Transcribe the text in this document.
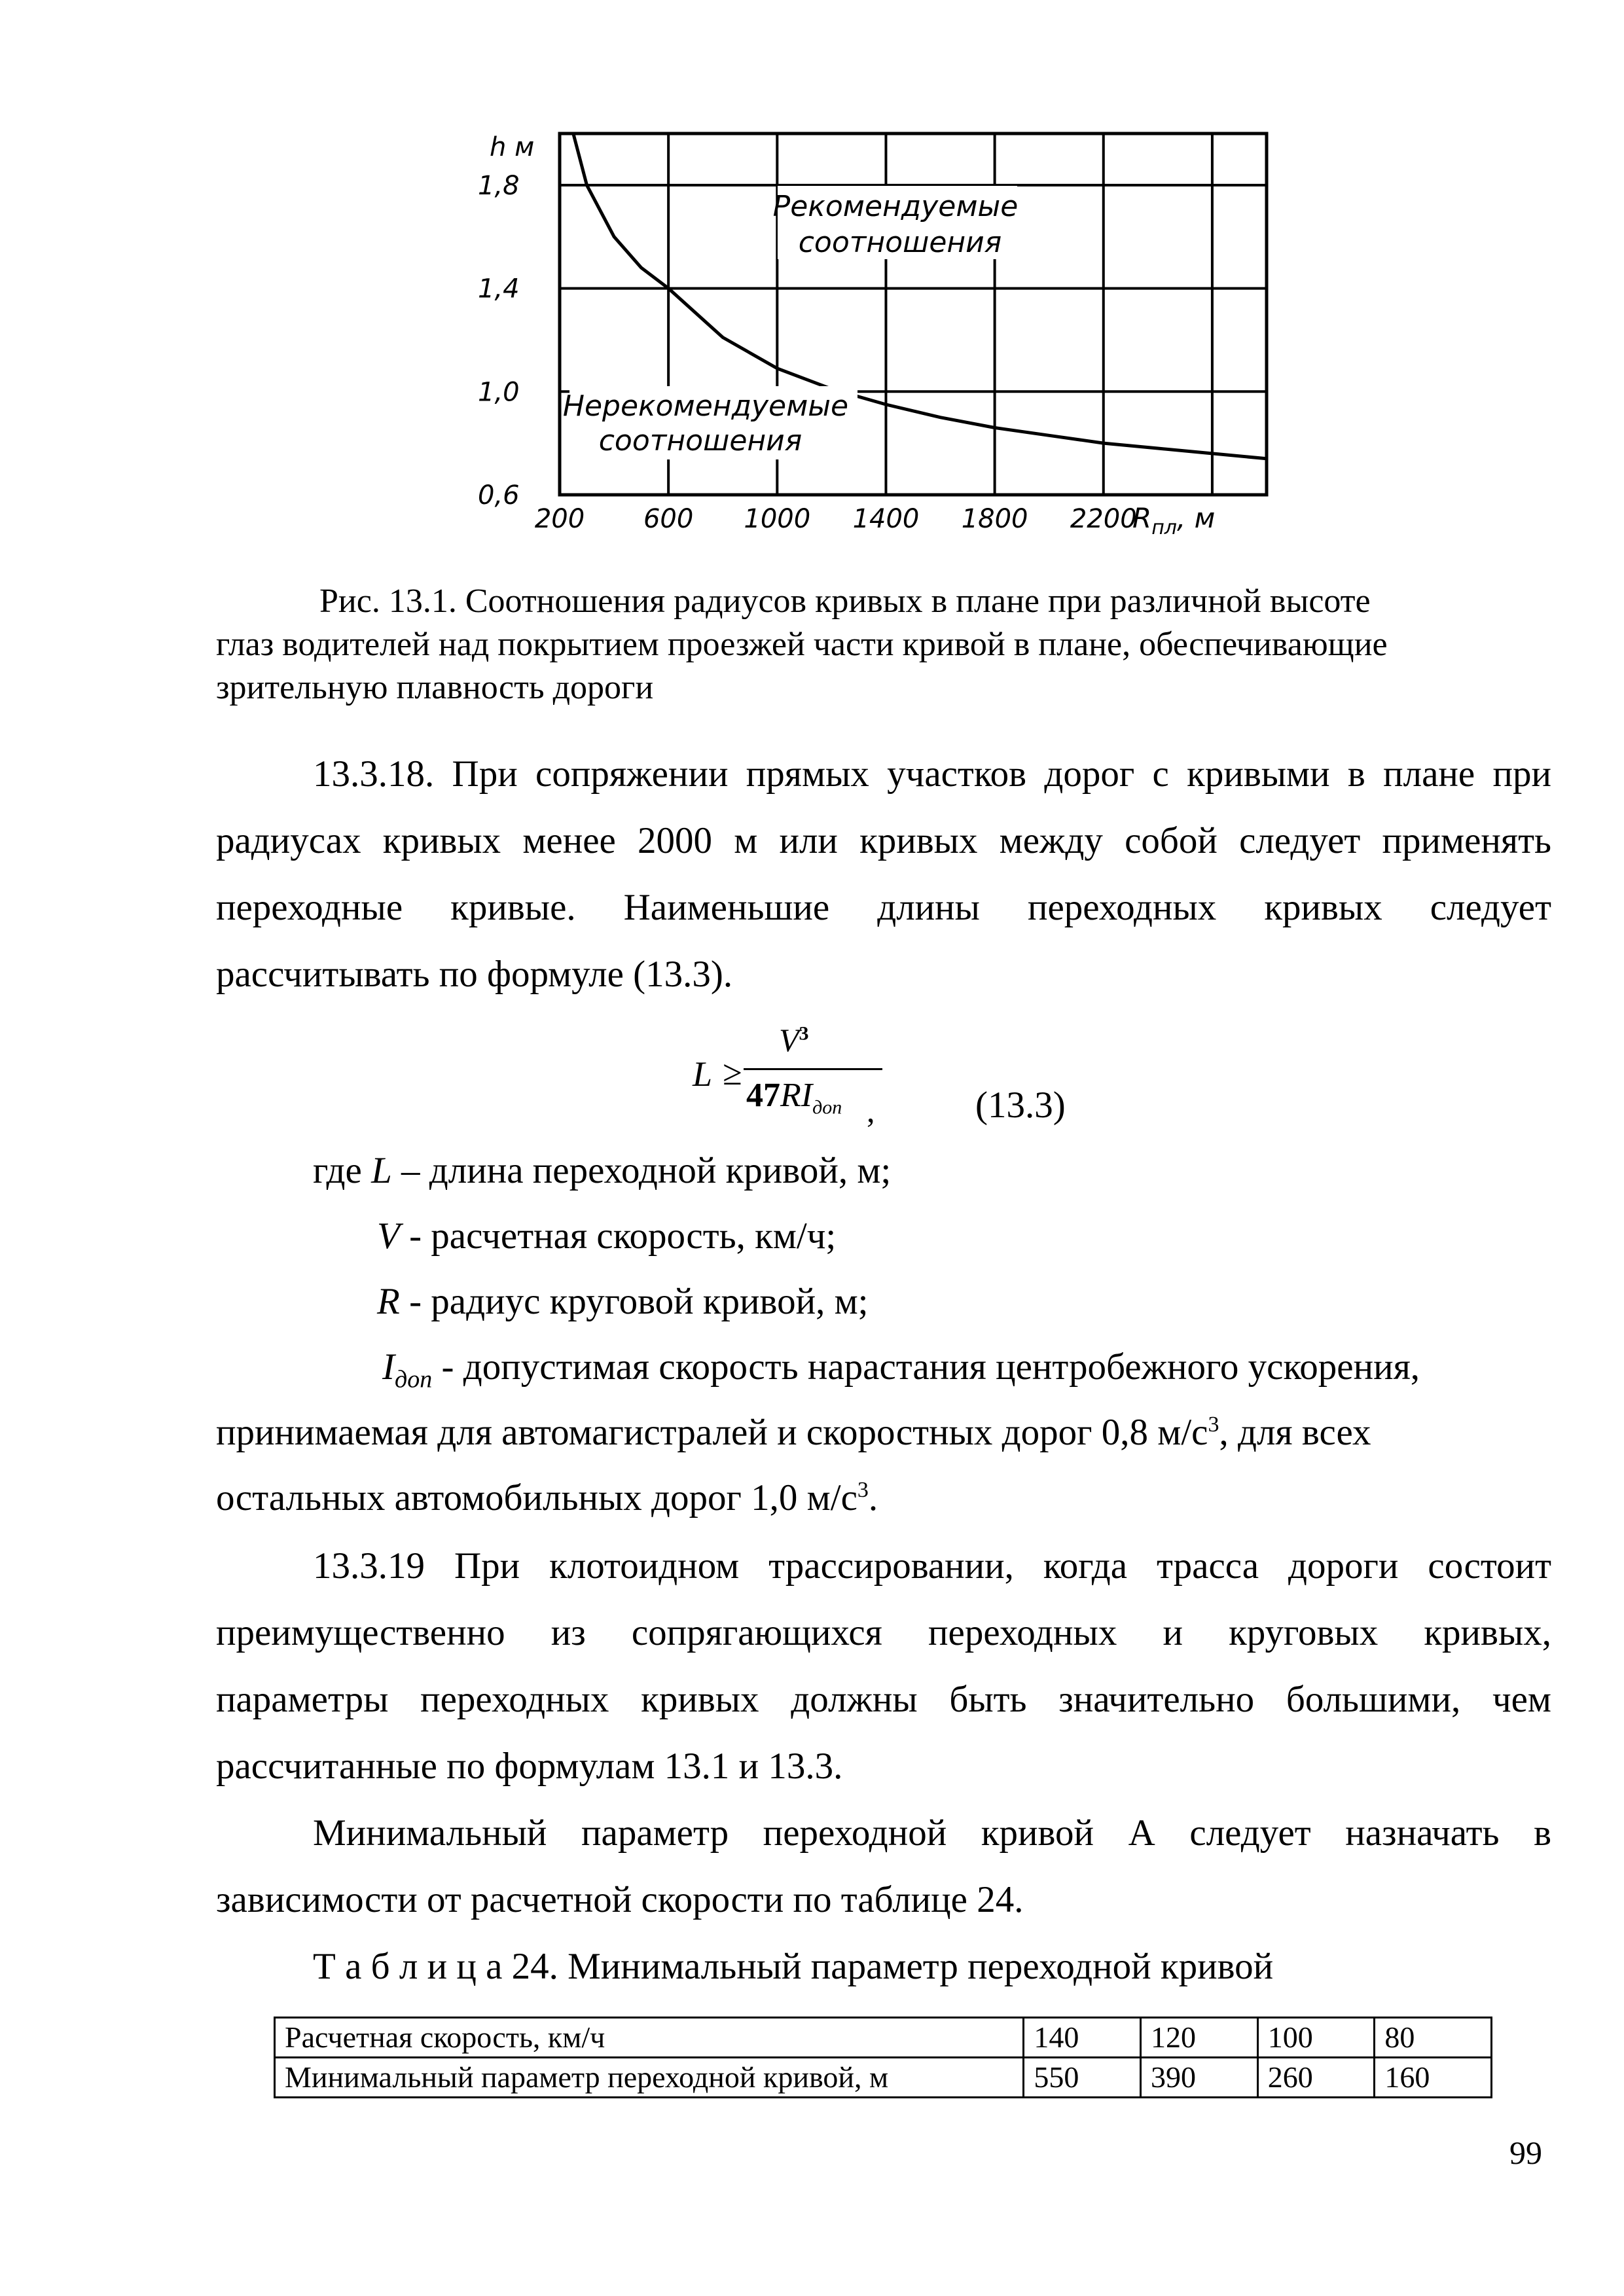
1,8
1,4
1,0
0,6
200 600 1000 1400 1800 2200
h м
$R_{пл}$, м
Рекомендуемые соотношения
Нерекомендуемые соотношения
Рис. 13.1. Соотношения радиусов кривых в плане при различной высоте
глаз водителей над покрытием проезжей части кривой в плане, обеспечивающие
зрительную плавность дороги
13.3.18. При сопряжении прямых участков дорог с кривыми в плане при
радиусах кривых менее 2000 м или кривых между собой следует применять
переходные кривые. Наименьшие длины переходных кривых следует
рассчитывать по формуле (13.3).
L ≥
$V^3$
$47RI_{доп}$ ,	(13.3)
где L – длина переходной кривой, м;
V - расчетная скорость, км/ч;
R - радиус круговой кривой, м;
$I_{доп}$ - допустимая скорость нарастания центробежного ускорения,
принимаемая для автомагистралей и скоростных дорог 0,8 $м/с^3$, для всех
остальных автомобильных дорог 1,0 $м/с^3$.
13.3.19 При клотоидном трассировании, когда трасса дороги состоит
преимущественно из сопрягающихся переходных и круговых кривых,
параметры переходных кривых должны быть значительно большими, чем
рассчитанные по формулам 13.1 и 13.3.
Минимальный параметр переходной кривой А следует назначать в
зависимости от расчетной скорости по таблице 24.
Т а б л и ц а 24. Минимальный параметр переходной кривой
Расчетная скорость, км/ч	140	120	100	80
Минимальный параметр переходной кривой, м	550	390	260	160
99
